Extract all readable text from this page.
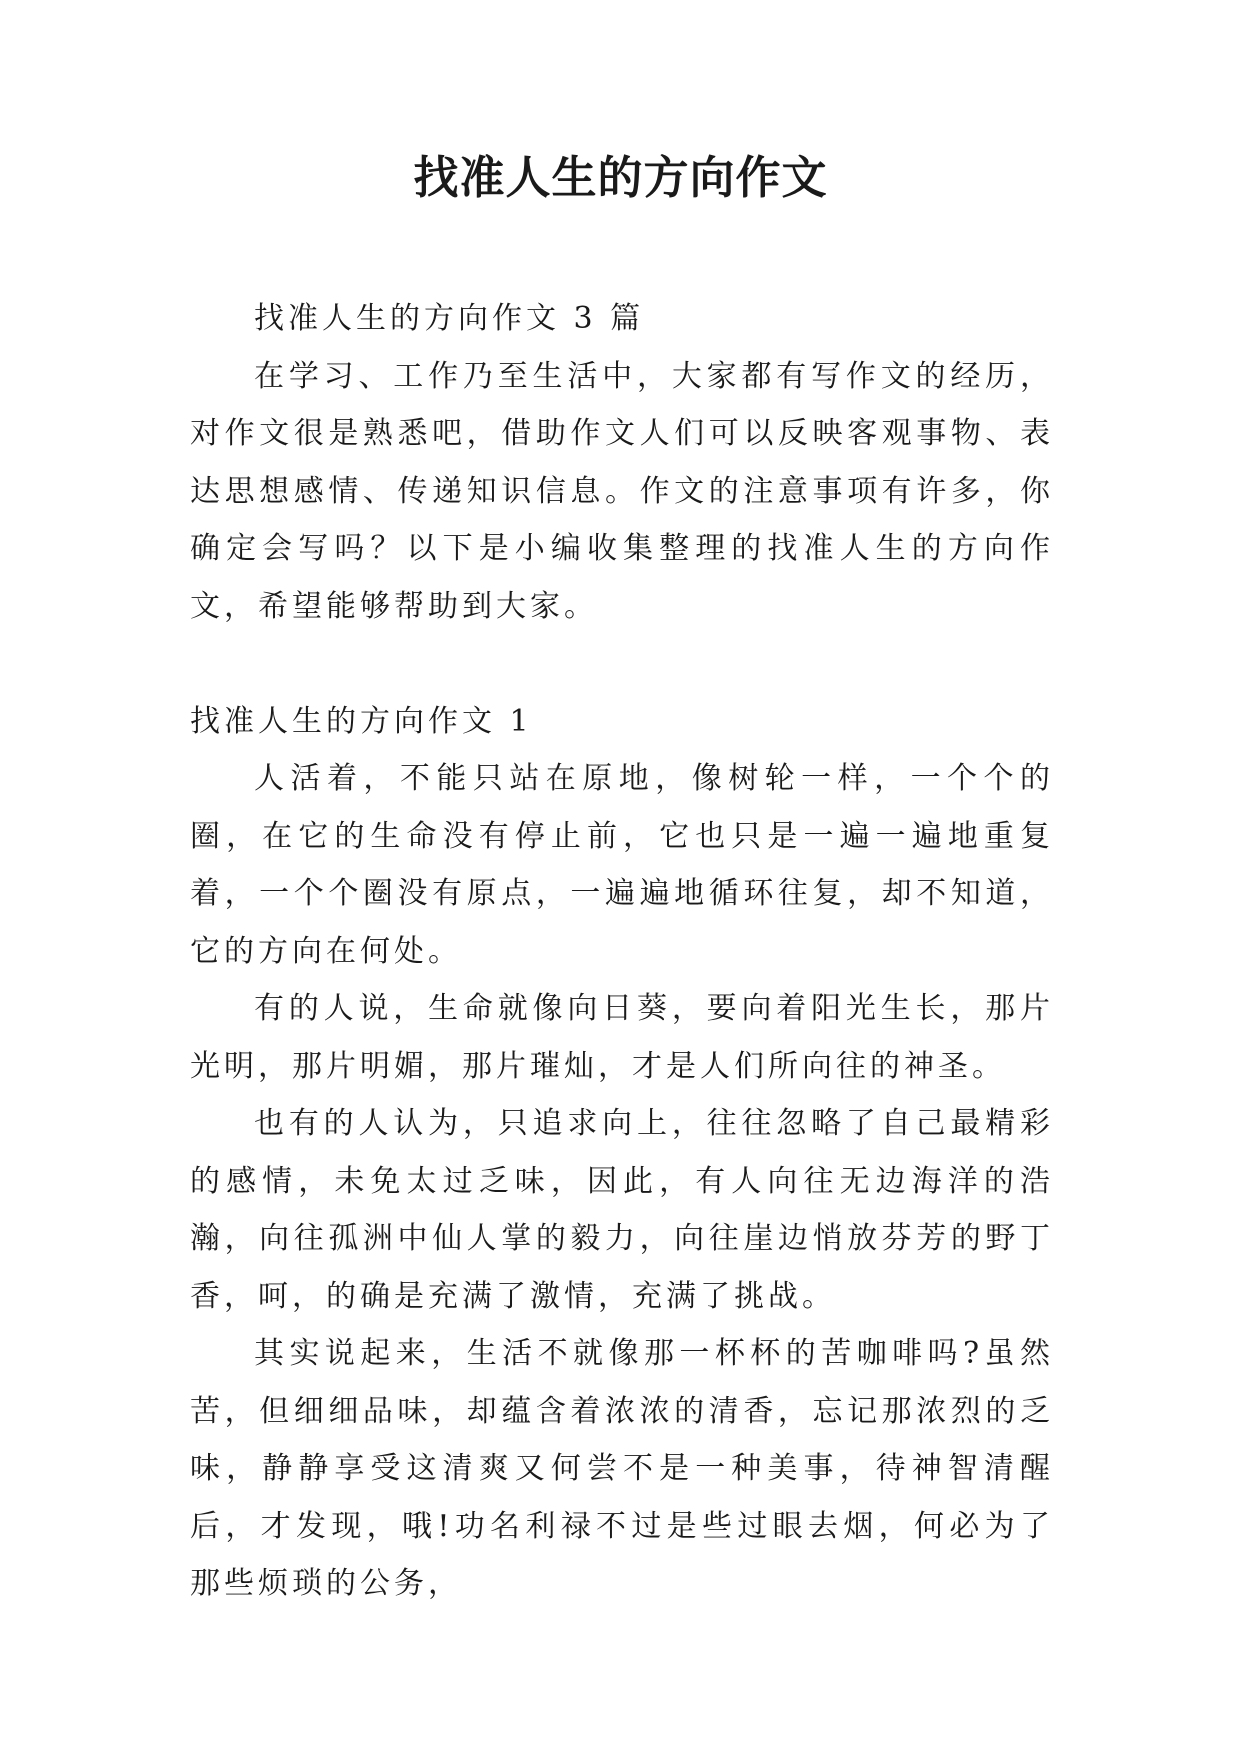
找准人生的方向作文

找准人生的方向作文 3 篇

在学习、工作乃至生活中，大家都有写作文的经历，对作文很是熟悉吧，借助作文人们可以反映客观事物、表达思想感情、传递知识信息。作文的注意事项有许多，你确定会写吗？以下是小编收集整理的找准人生的方向作文，希望能够帮助到大家。

找准人生的方向作文 1

人活着，不能只站在原地，像树轮一样，一个个的圈，在它的生命没有停止前，它也只是一遍一遍地重复着，一个个圈没有原点，一遍遍地循环往复，却不知道，它的方向在何处。

有的人说，生命就像向日葵，要向着阳光生长，那片光明，那片明媚，那片璀灿，才是人们所向往的神圣。

也有的人认为，只追求向上，往往忽略了自己最精彩的感情，未免太过乏味，因此，有人向往无边海洋的浩瀚，向往孤洲中仙人掌的毅力，向往崖边悄放芬芳的野丁香，呵，的确是充满了激情，充满了挑战。

其实说起来，生活不就像那一杯杯的苦咖啡吗?虽然苦，但细细品味，却蕴含着浓浓的清香，忘记那浓烈的乏味，静静享受这清爽又何尝不是一种美事，待神智清醒后，才发现，哦!功名利禄不过是些过眼去烟，何必为了那些烦琐的公务，
